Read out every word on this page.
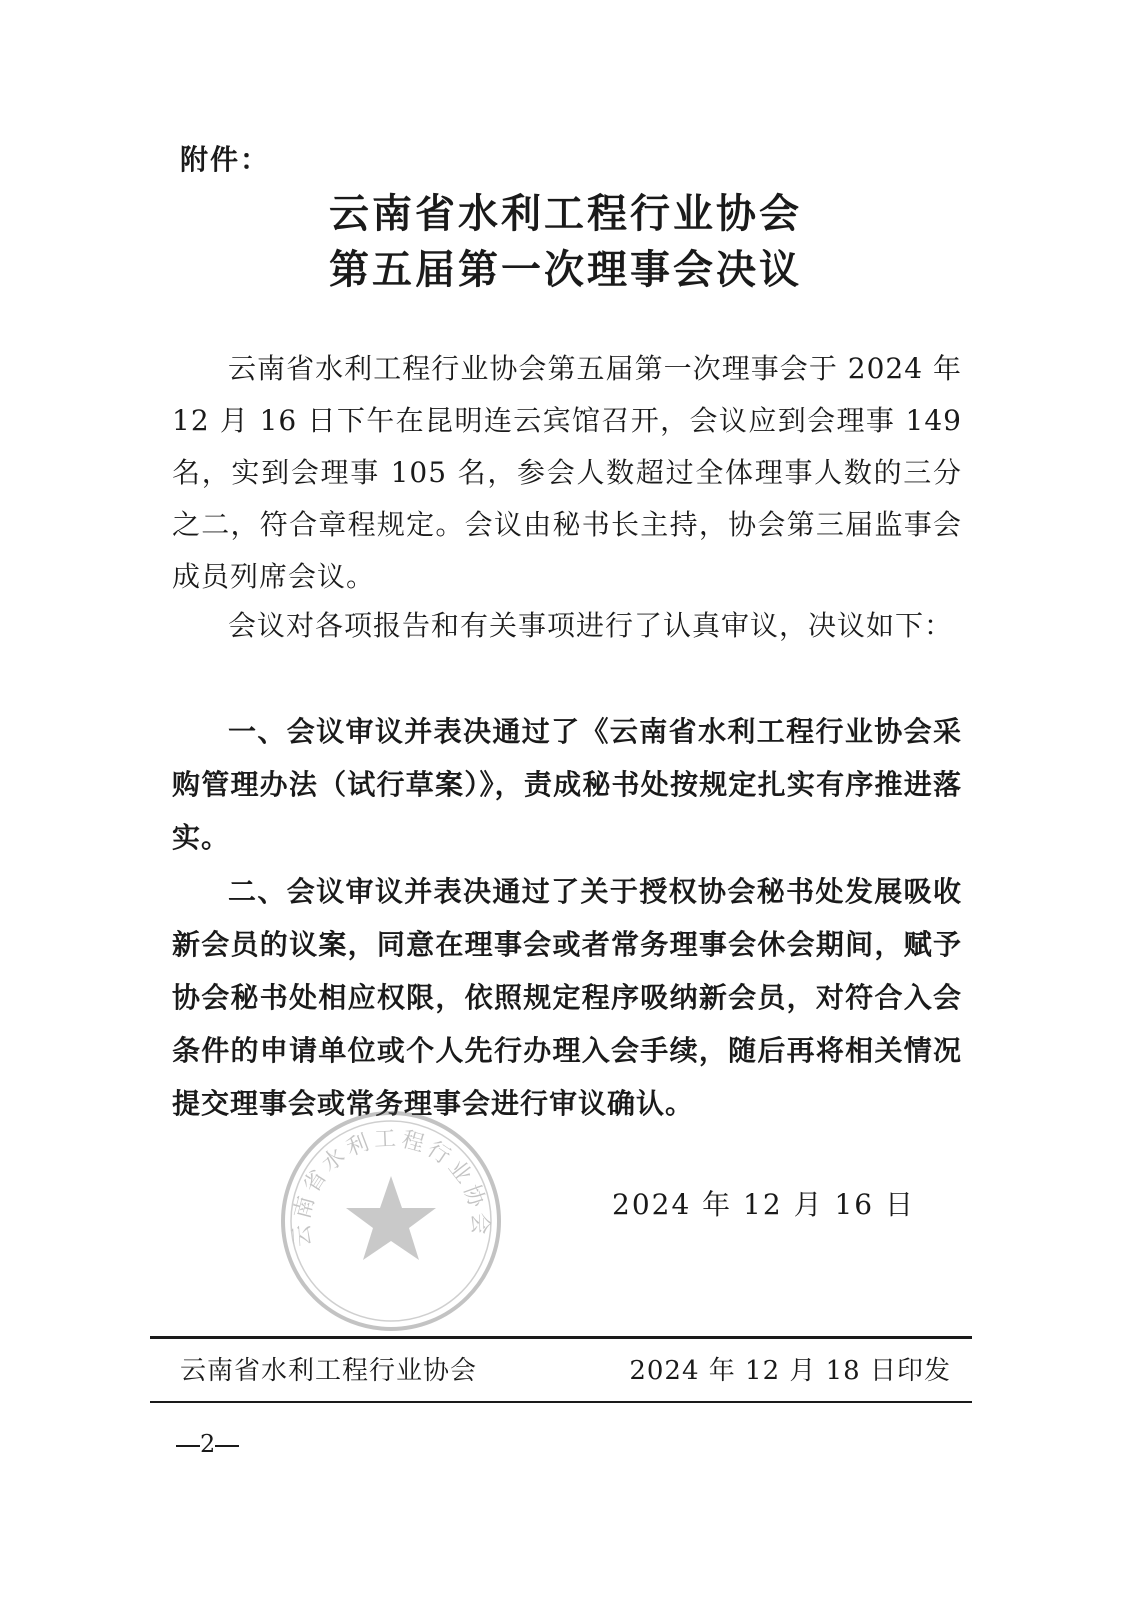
附件：
云南省水利工程行业协会
第五届第一次理事会决议
云南省水利工程行业协会第五届第一次理事会于 2024 年 12 月 16 日下午在昆明连云宾馆召开，会议应到会理事 149 名，实到会理事 105 名，参会人数超过全体理事人数的三分之二，符合章程规定。会议由秘书长主持，协会第三届监事会成员列席会议。
会议对各项报告和有关事项进行了认真审议，决议如下：
一、会议审议并表决通过了《云南省水利工程行业协会采购管理办法（试行草案）》，责成秘书处按规定扎实有序推进落实。
二、会议审议并表决通过了关于授权协会秘书处发展吸收新会员的议案，同意在理事会或者常务理事会休会期间，赋予协会秘书处相应权限，依照规定程序吸纳新会员，对符合入会条件的申请单位或个人先行办理入会手续，随后再将相关情况提交理事会或常务理事会进行审议确认。
云南省水利工程行业协会
2024 年 12 月 16 日
云南省水利工程行业协会	2024 年 12 月 18 日印发
2
